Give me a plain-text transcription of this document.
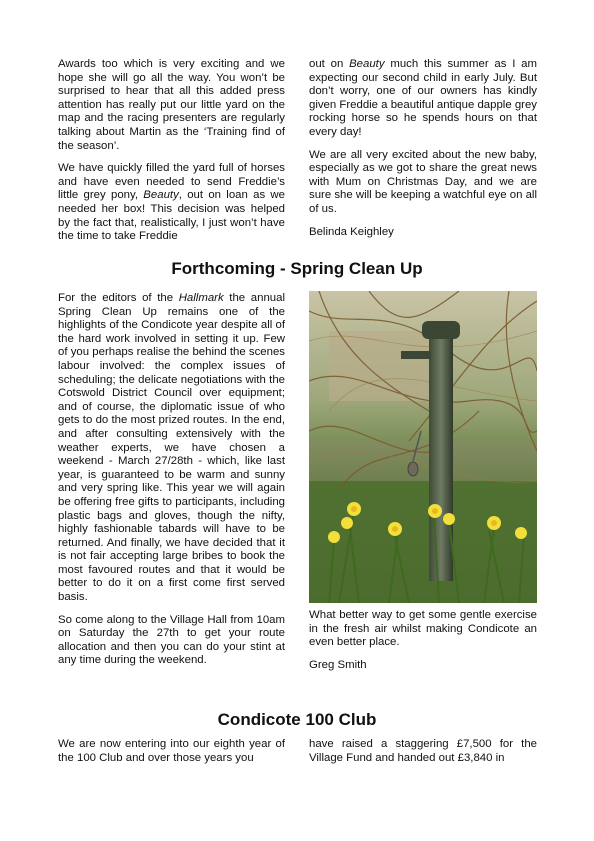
Awards too which is very exciting and we hope she will go all the way. You won’t be surprised to hear that all this added press attention has really put our little yard on the map and the racing presenters are regularly talking about Martin as the ‘Training find of the season’.

We have quickly filled the yard full of horses and have even needed to send Freddie’s little grey pony, Beauty, out on loan as we needed her box! This decision was helped by the fact that, realistically, I just won’t have the time to take Freddie

out on Beauty much this summer as I am expecting our second child in early July. But don’t worry, one of our owners has kindly given Freddie a beautiful antique dapple grey rocking horse so he spends hours on that every day!

We are all very excited about the new baby, especially as we got to share the great news with Mum on Christmas Day, and we are sure she will be keeping a watchful eye on all of us.

Belinda Keighley

Forthcoming - Spring Clean Up

For the editors of the Hallmark the annual Spring Clean Up remains one of the highlights of the Condicote year despite all of the hard work involved in setting it up. Few of you perhaps realise the behind the scenes labour involved: the complex issues of scheduling; the delicate negotiations with the Cotswold District Council over equipment; and of course, the diplomatic issue of who gets to do the most prized routes. In the end, and after consulting extensively with the weather experts, we have chosen a weekend - March 27/28th - which, like last year, is guaranteed to be warm and sunny and very spring like. This year we will again be offering free gifts to participants, including plastic bags and gloves, though the nifty, highly fashionable tabards will have to be returned. And finally, we have decided that it is not fair accepting large bribes to book the most favoured routes and that it would be better to do it on a first come first served basis.

So come along to the Village Hall from 10am on Saturday the 27th to get your route allocation and then you can do your stint at any time during the weekend.

What better way to get some gentle exercise in the fresh air whilst making Condicote an even better place.

Greg Smith

Condicote 100 Club

We are now entering into our eighth year of the 100 Club and over those years you

have raised a staggering £7,500 for the Village Fund and handed out £3,840 in
